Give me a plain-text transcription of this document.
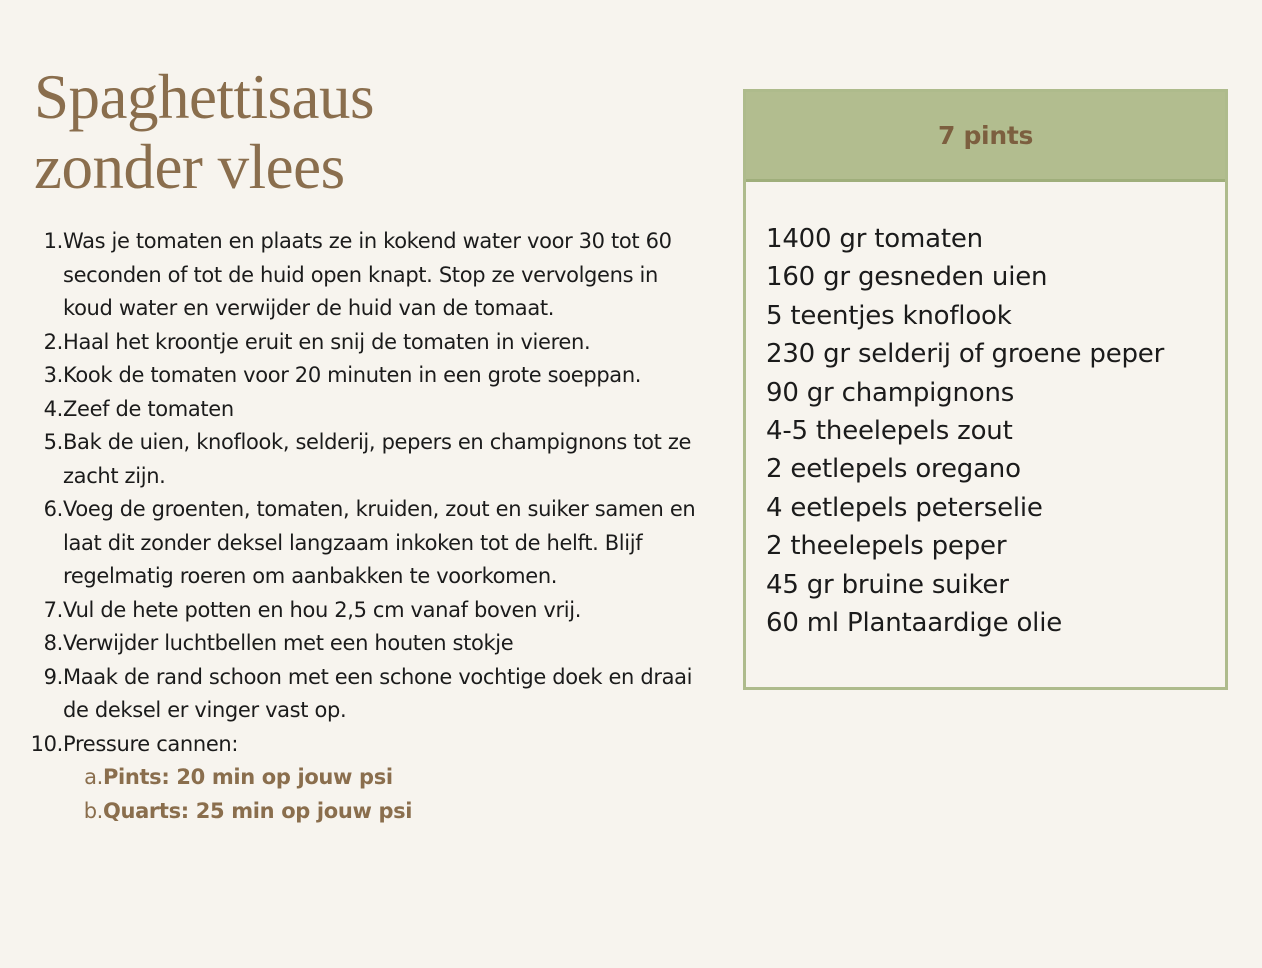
Spaghettisaus
zonder vlees
1. Was je tomaten en plaats ze in kokend water voor 30 tot 60 seconden of tot de huid open knapt. Stop ze vervolgens in koud water en verwijder de huid van de tomaat.
2. Haal het kroontje eruit en snij de tomaten in vieren.
3. Kook de tomaten voor 20 minuten in een grote soeppan.
4. Zeef de tomaten
5. Bak de uien, knoflook, selderij, pepers en champignons tot ze zacht zijn.
6. Voeg de groenten, tomaten, kruiden, zout en suiker samen en laat dit zonder deksel langzaam inkoken tot de helft. Blijf regelmatig roeren om aanbakken te voorkomen.
7. Vul de hete potten en hou 2,5 cm vanaf boven vrij.
8. Verwijder luchtbellen met een houten stokje
9. Maak de rand schoon met een schone vochtige doek en draai de deksel er vinger vast op.
10. Pressure cannen:
a. Pints: 20 min op jouw psi
b. Quarts: 25 min op jouw psi
7 pints
1400 gr tomaten
160 gr gesneden uien
5 teentjes knoflook
230 gr selderij of groene peper
90 gr champignons
4-5 theelepels zout
2 eetlepels oregano
4 eetlepels peterselie
2 theelepels peper
45 gr bruine suiker
60 ml Plantaardige olie
